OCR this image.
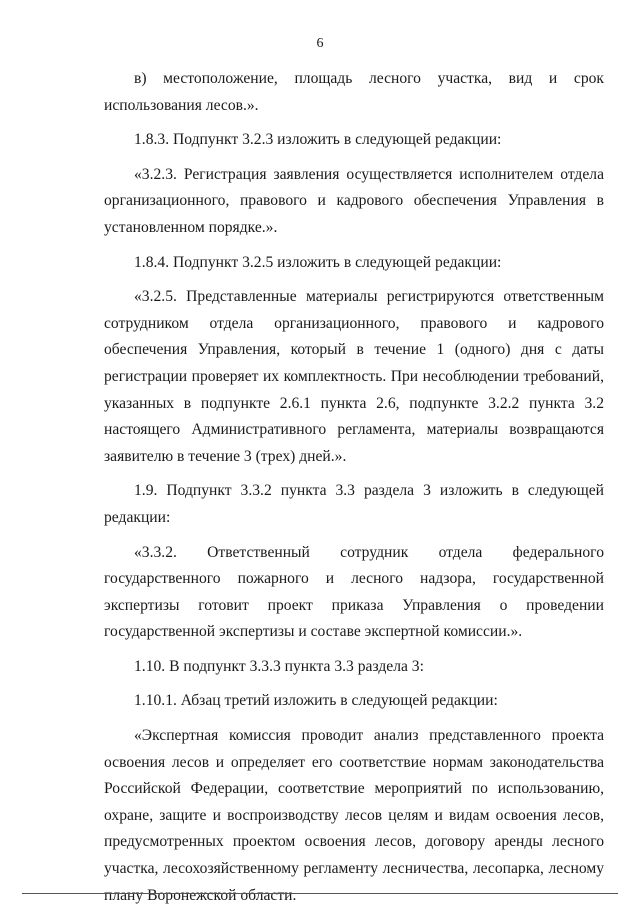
6

в) местоположение, площадь лесного участка, вид и срок использования лесов.».

1.8.3. Подпункт 3.2.3 изложить в следующей редакции:

«3.2.3. Регистрация заявления осуществляется исполнителем отдела организационного, правового и кадрового обеспечения Управления в установленном порядке.».

1.8.4. Подпункт 3.2.5 изложить в следующей редакции:

«3.2.5. Представленные материалы регистрируются ответственным сотрудником отдела организационного, правового и кадрового обеспечения Управления, который в течение 1 (одного) дня с даты регистрации проверяет их комплектность. При несоблюдении требований, указанных в подпункте 2.6.1 пункта 2.6, подпункте 3.2.2 пункта 3.2 настоящего Административного регламента, материалы возвращаются заявителю в течение 3 (трех) дней.».

1.9. Подпункт 3.3.2 пункта 3.3 раздела 3 изложить в следующей редакции:

«3.3.2. Ответственный сотрудник отдела федерального государственного пожарного и лесного надзора, государственной экспертизы готовит проект приказа Управления о проведении государственной экспертизы и составе экспертной комиссии.».

1.10. В подпункт 3.3.3 пункта 3.3 раздела 3:

1.10.1. Абзац третий изложить в следующей редакции:

«Экспертная комиссия проводит анализ представленного проекта освоения лесов и определяет его соответствие нормам законодательства Российской Федерации, соответствие мероприятий по использованию, охране, защите и воспроизводству лесов целям и видам освоения лесов, предусмотренных проектом освоения лесов, договору аренды лесного участка, лесохозяйственному регламенту лесничества, лесопарка, лесному плану Воронежской области.
